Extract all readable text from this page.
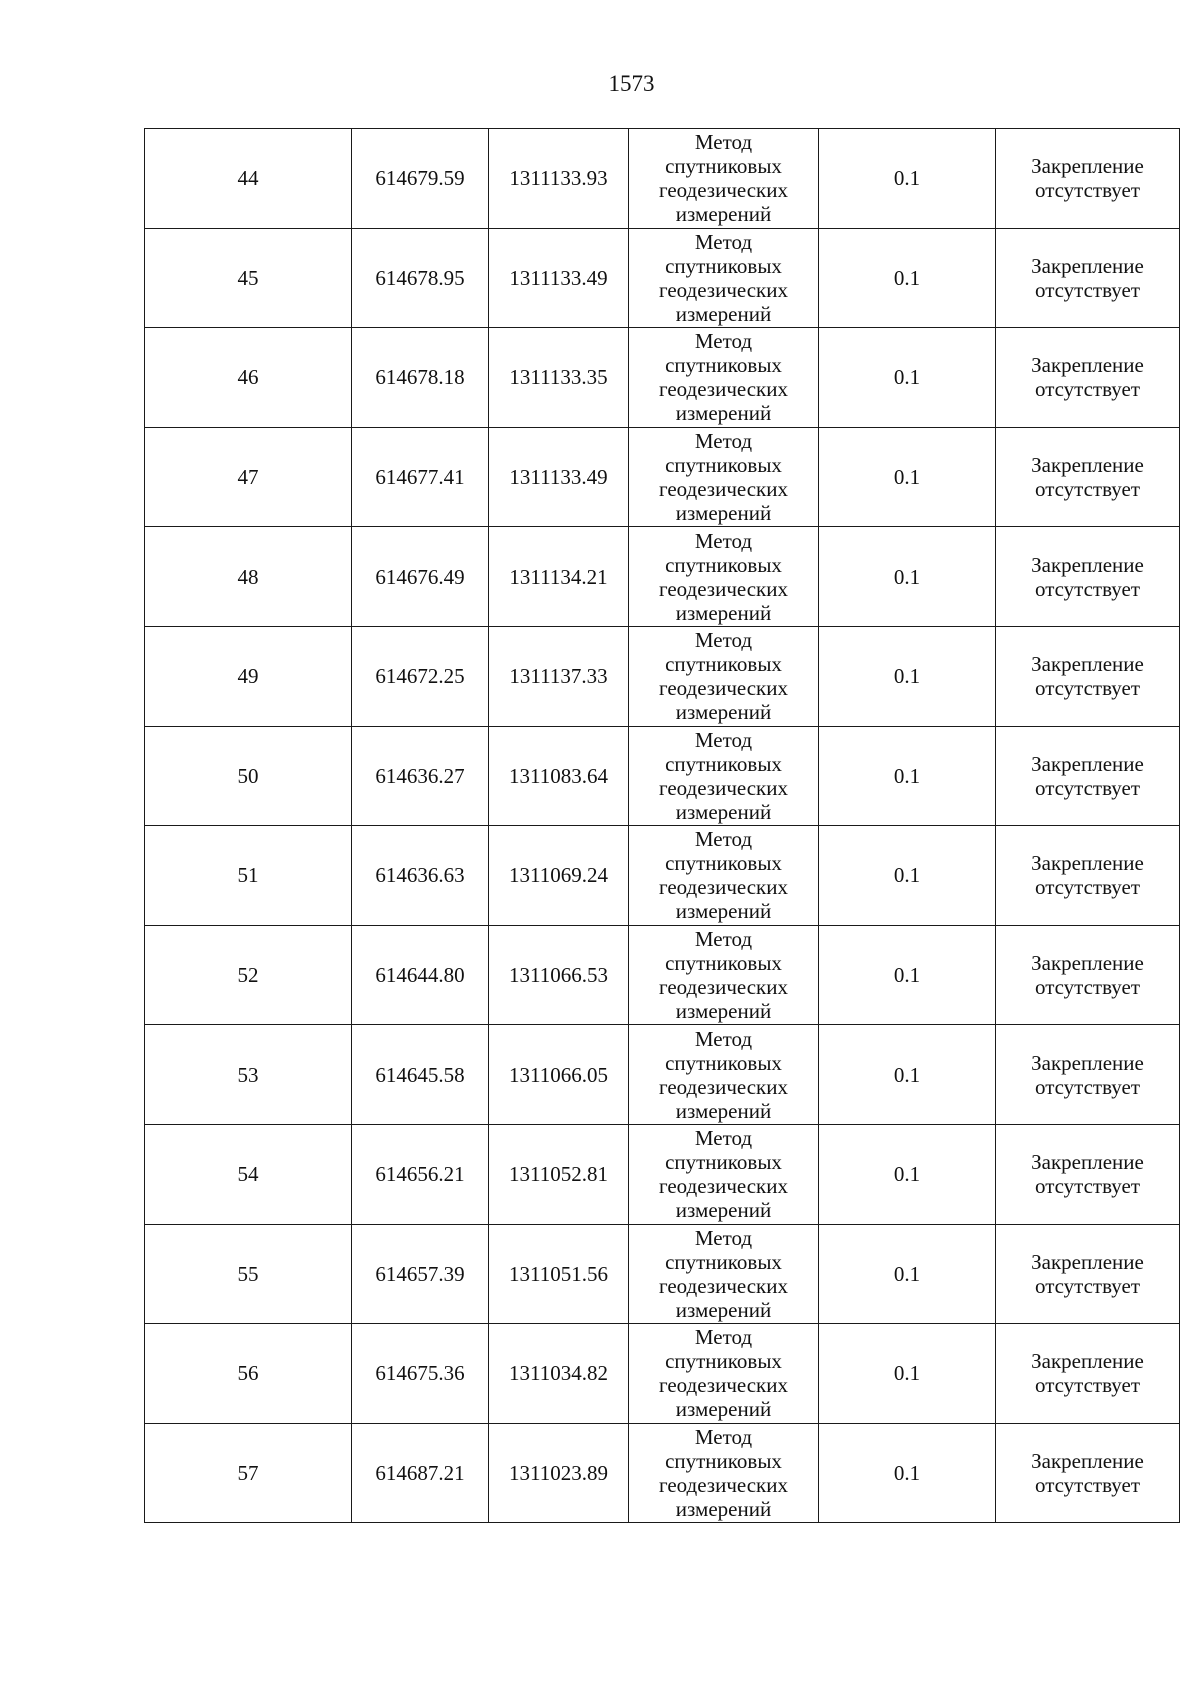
1573
44	614679.59	1311133.93	Метод
спутниковых
геодезических
измерений	0.1	Закрепление
отсутствует

45	614678.95	1311133.49	Метод
спутниковых
геодезических
измерений	0.1	Закрепление
отсутствует

46	614678.18	1311133.35	Метод
спутниковых
геодезических
измерений	0.1	Закрепление
отсутствует

47	614677.41	1311133.49	Метод
спутниковых
геодезических
измерений	0.1	Закрепление
отсутствует

48	614676.49	1311134.21	Метод
спутниковых
геодезических
измерений	0.1	Закрепление
отсутствует

49	614672.25	1311137.33	Метод
спутниковых
геодезических
измерений	0.1	Закрепление
отсутствует

50	614636.27	1311083.64	Метод
спутниковых
геодезических
измерений	0.1	Закрепление
отсутствует

51	614636.63	1311069.24	Метод
спутниковых
геодезических
измерений	0.1	Закрепление
отсутствует

52	614644.80	1311066.53	Метод
спутниковых
геодезических
измерений	0.1	Закрепление
отсутствует

53	614645.58	1311066.05	Метод
спутниковых
геодезических
измерений	0.1	Закрепление
отсутствует

54	614656.21	1311052.81	Метод
спутниковых
геодезических
измерений	0.1	Закрепление
отсутствует

55	614657.39	1311051.56	Метод
спутниковых
геодезических
измерений	0.1	Закрепление
отсутствует

56	614675.36	1311034.82	Метод
спутниковых
геодезических
измерений	0.1	Закрепление
отсутствует

57	614687.21	1311023.89	Метод
спутниковых
геодезических
измерений	0.1	Закрепление
отсутствует
